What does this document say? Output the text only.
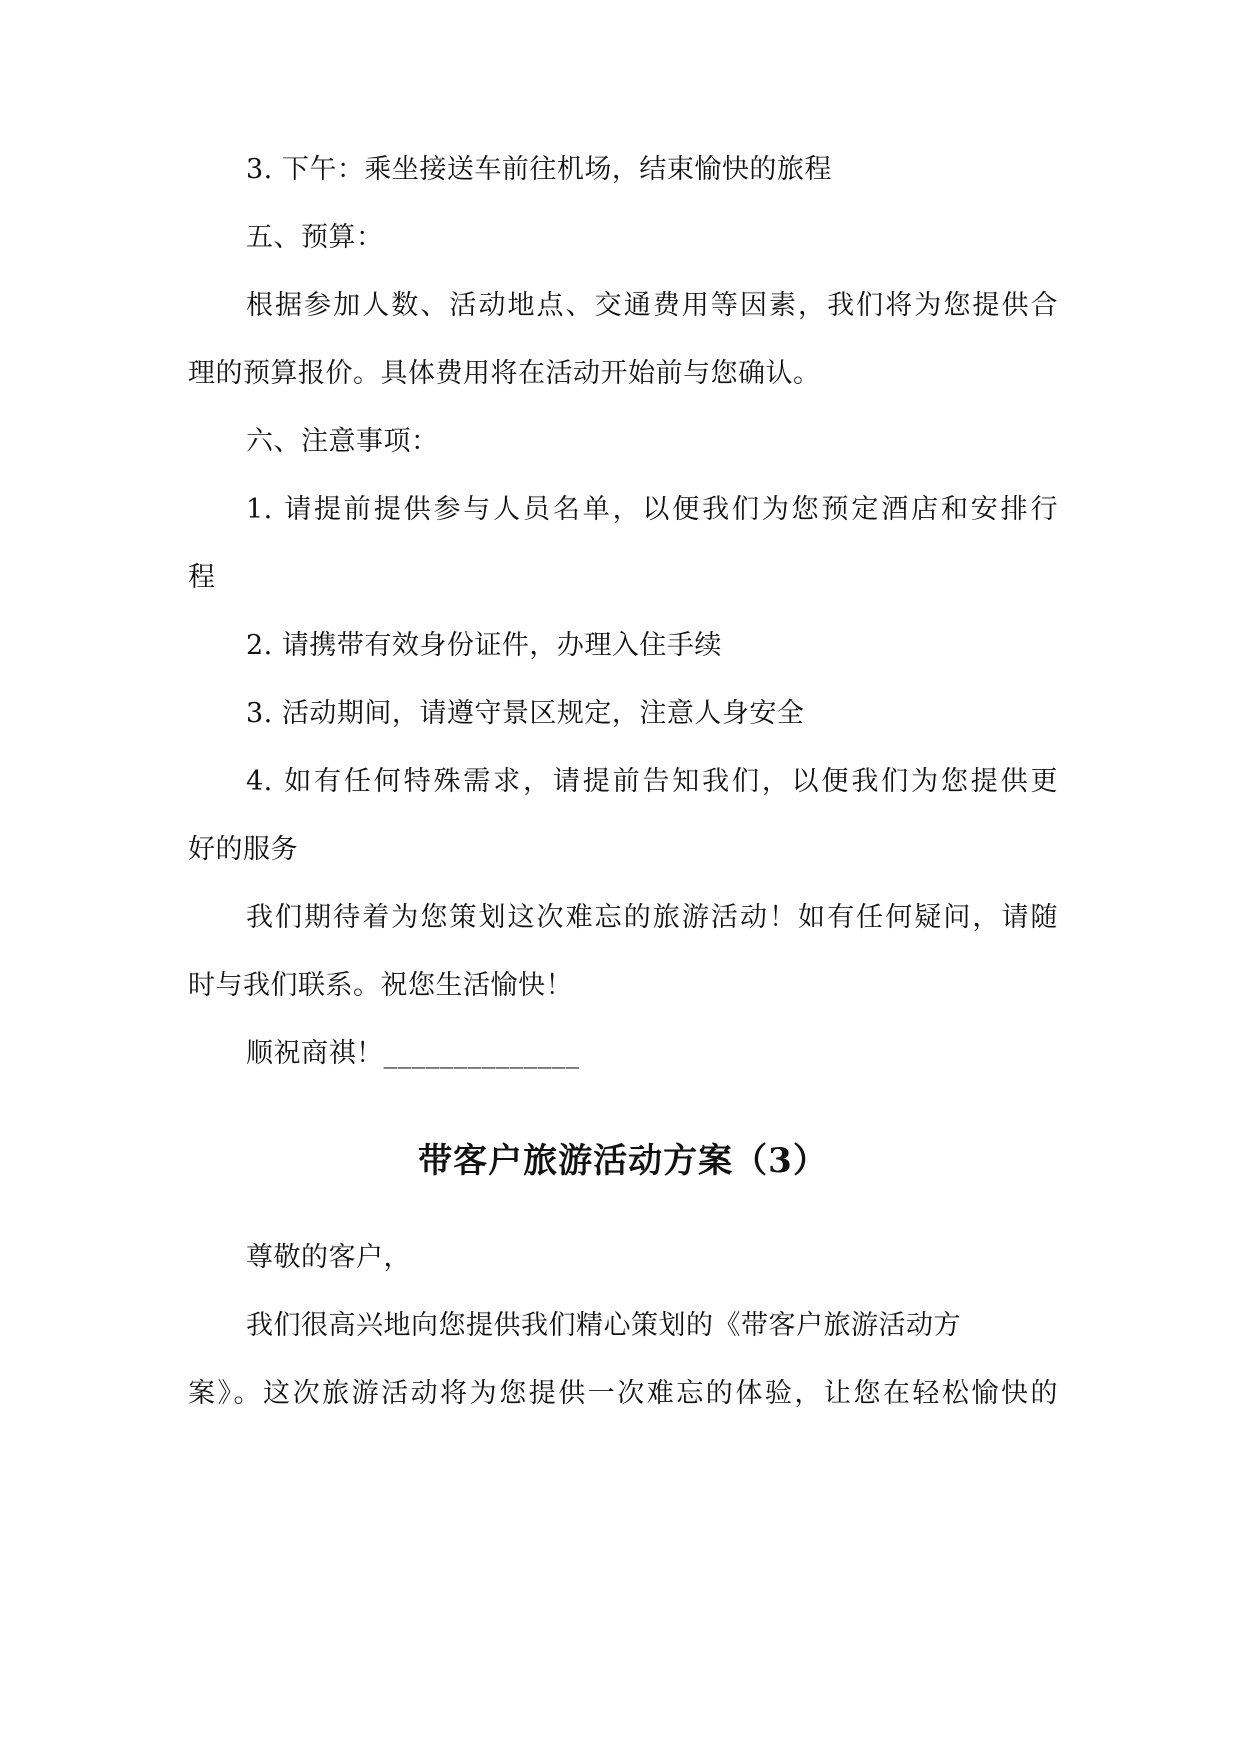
3. 下午：乘坐接送车前往机场，结束愉快的旅程
五、预算：
根据参加人数、活动地点、交通费用等因素，我们将为您提供合
理的预算报价。具体费用将在活动开始前与您确认。
六、注意事项：
1. 请提前提供参与人员名单，以便我们为您预定酒店和安排行
程
2. 请携带有效身份证件，办理入住手续
3. 活动期间，请遵守景区规定，注意人身安全
4. 如有任何特殊需求，请提前告知我们，以便我们为您提供更
好的服务
我们期待着为您策划这次难忘的旅游活动！如有任何疑问，请随
时与我们联系。祝您生活愉快！
顺祝商祺！______________
带客户旅游活动方案（3）
尊敬的客户，
我们很高兴地向您提供我们精心策划的《带客户旅游活动方
案》。这次旅游活动将为您提供一次难忘的体验，让您在轻松愉快的
